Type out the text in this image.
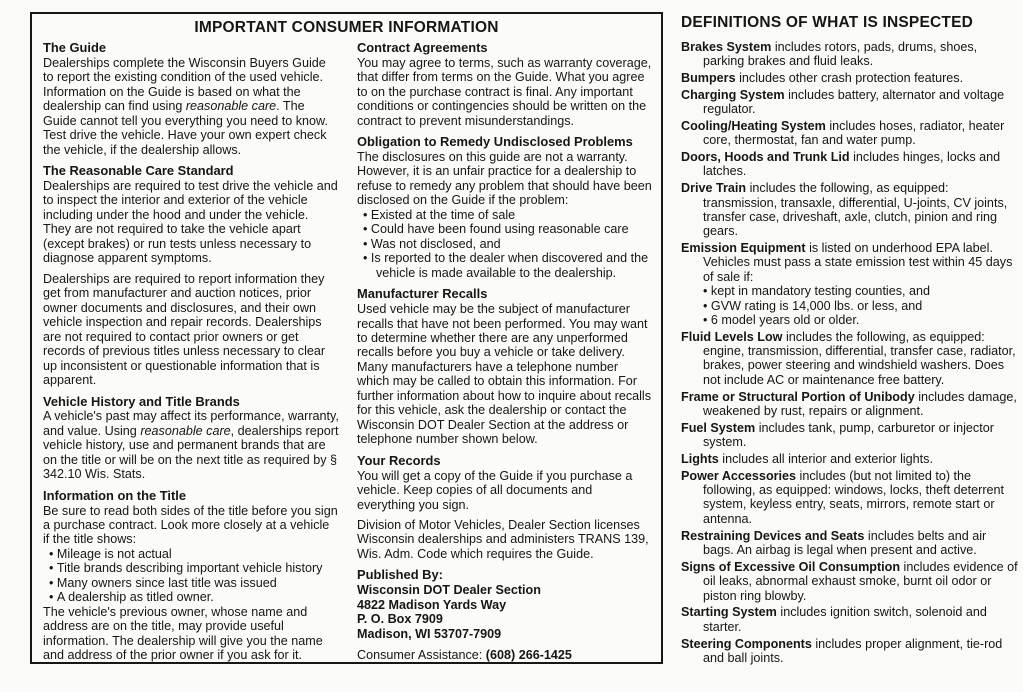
IMPORTANT CONSUMER INFORMATION
The Guide

Dealerships complete the Wisconsin Buyers Guide to report the existing condition of the used vehicle. Information on the Guide is based on what the dealership can find using reasonable care. The Guide cannot tell you everything you need to know. Test drive the vehicle. Have your own expert check the vehicle, if the dealership allows.

The Reasonable Care Standard

Dealerships are required to test drive the vehicle and to inspect the interior and exterior of the vehicle including under the hood and under the vehicle. They are not required to take the vehicle apart (except brakes) or run tests unless necessary to diagnose apparent symptoms.

Dealerships are required to report information they get from manufacturer and auction notices, prior owner documents and disclosures, and their own vehicle inspection and repair records. Dealerships are not required to contact prior owners or get records of previous titles unless necessary to clear up inconsistent or questionable information that is apparent.

Vehicle History and Title Brands

A vehicle's past may affect its performance, warranty, and value. Using reasonable care, dealerships report vehicle history, use and permanent brands that are on the title or will be on the next title as required by § 342.10 Wis. Stats.

Information on the Title

Be sure to read both sides of the title before you sign a purchase contract. Look more closely at a vehicle if the title shows:

• Mileage is not actual
• Title brands describing important vehicle history
• Many owners since last title was issued
• A dealership as titled owner.

The vehicle's previous owner, whose name and address are on the title, may provide useful information. The dealership will give you the name and address of the prior owner if you ask for it.

Contract Agreements

You may agree to terms, such as warranty coverage, that differ from terms on the Guide. What you agree to on the purchase contract is final. Any important conditions or contingencies should be written on the contract to prevent misunderstandings.

Obligation to Remedy Undisclosed Problems

The disclosures on this guide are not a warranty. However, it is an unfair practice for a dealership to refuse to remedy any problem that should have been disclosed on the Guide if the problem:

• Existed at the time of sale
• Could have been found using reasonable care
• Was not disclosed, and
• Is reported to the dealer when discovered and the vehicle is made available to the dealership.
Manufacturer Recalls

Used vehicle may be the subject of manufacturer recalls that have not been performed. You may want to determine whether there are any unperformed recalls before you buy a vehicle or take delivery. Many manufacturers have a telephone number which may be called to obtain this information. For further information about how to inquire about recalls for this vehicle, ask the dealership or contact the Wisconsin DOT Dealer Section at the address or telephone number shown below.

Your Records

You will get a copy of the Guide if you purchase a vehicle. Keep copies of all documents and everything you sign.

Division of Motor Vehicles, Dealer Section licenses Wisconsin dealerships and administers TRANS 139, Wis. Adm. Code which requires the Guide.

Published By:
Wisconsin DOT Dealer Section
4822 Madison Yards Way
P. O. Box 7909
Madison, WI 53707-7909
Consumer Assistance: (608) 266-1425
DEFINITIONS OF WHAT IS INSPECTED
Brakes System includes rotors, pads, drums, shoes, parking brakes and fluid leaks.
Bumpers includes other crash protection features.
Charging System includes battery, alternator and voltage regulator.
Cooling/Heating System includes hoses, radiator, heater core, thermostat, fan and water pump.
Doors, Hoods and Trunk Lid includes hinges, locks and latches.
Drive Train includes the following, as equipped: transmission, transaxle, differential, U-joints, CV joints, transfer case, driveshaft, axle, clutch, pinion and ring gears.
Emission Equipment is listed on underhood EPA label. Vehicles must pass a state emission test within 45 days of sale if:
• kept in mandatory testing counties, and
• GVW rating is 14,000 lbs. or less, and
• 6 model years old or older.
Fluid Levels Low includes the following, as equipped: engine, transmission, differential, transfer case, radiator, brakes, power steering and windshield washers. Does not include AC or maintenance free battery.
Frame or Structural Portion of Unibody includes damage, weakened by rust, repairs or alignment.
Fuel System includes tank, pump, carburetor or injector system.
Lights includes all interior and exterior lights.
Power Accessories includes (but not limited to) the following, as equipped: windows, locks, theft deterrent system, keyless entry, seats, mirrors, remote start or antenna.
Restraining Devices and Seats includes belts and air bags. An airbag is legal when present and active.
Signs of Excessive Oil Consumption includes evidence of oil leaks, abnormal exhaust smoke, burnt oil odor or piston ring blowby.
Starting System includes ignition switch, solenoid and starter.
Steering Components includes proper alignment, tie-rod and ball joints.
